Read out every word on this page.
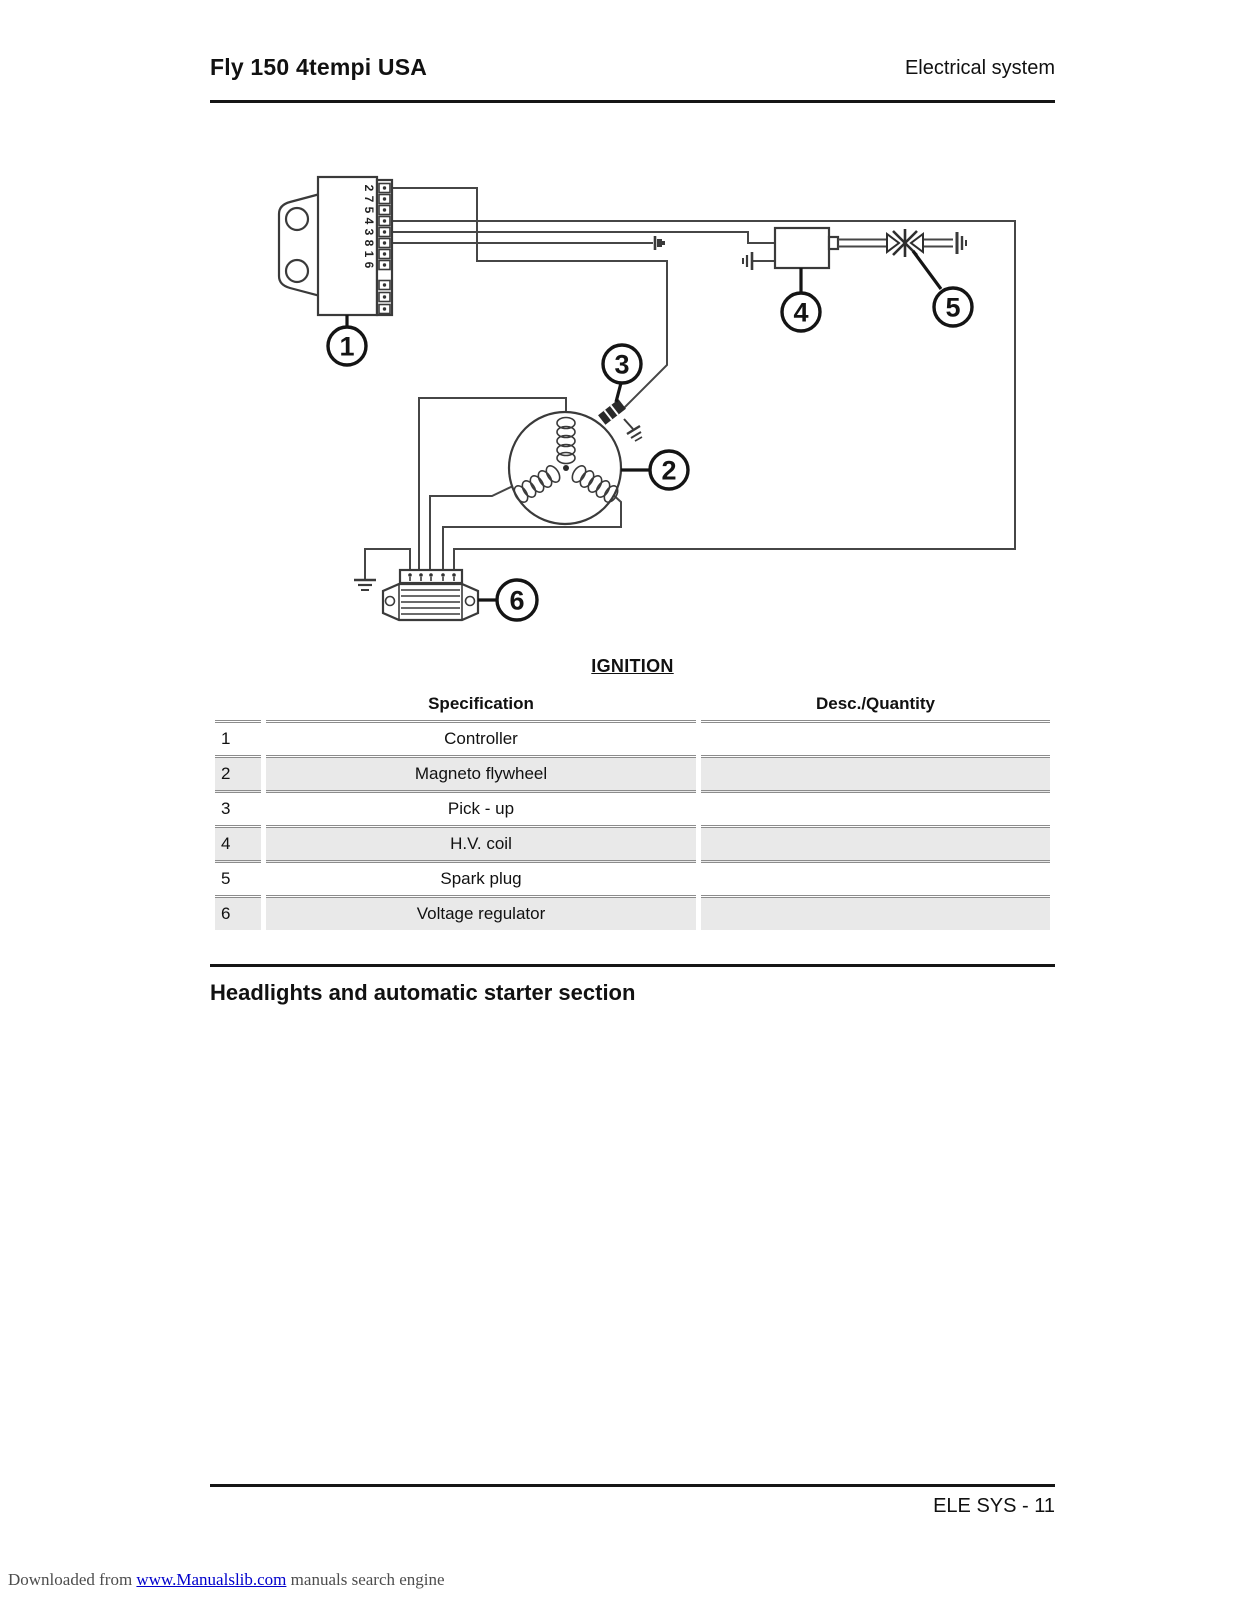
Fly 150 4tempi USA	Electrical system
2
7
5
4
3
8
1
6
1
2
3
4	5
6
IGNITION
	Specification	Desc./Quantity
1	Controller	
2	Magneto flywheel	
3	Pick - up	
4	H.V. coil	
5	Spark plug	
6	Voltage regulator	
Headlights and automatic starter section
ELE SYS - 11
Downloaded from www.Manualslib.com manuals search engine
